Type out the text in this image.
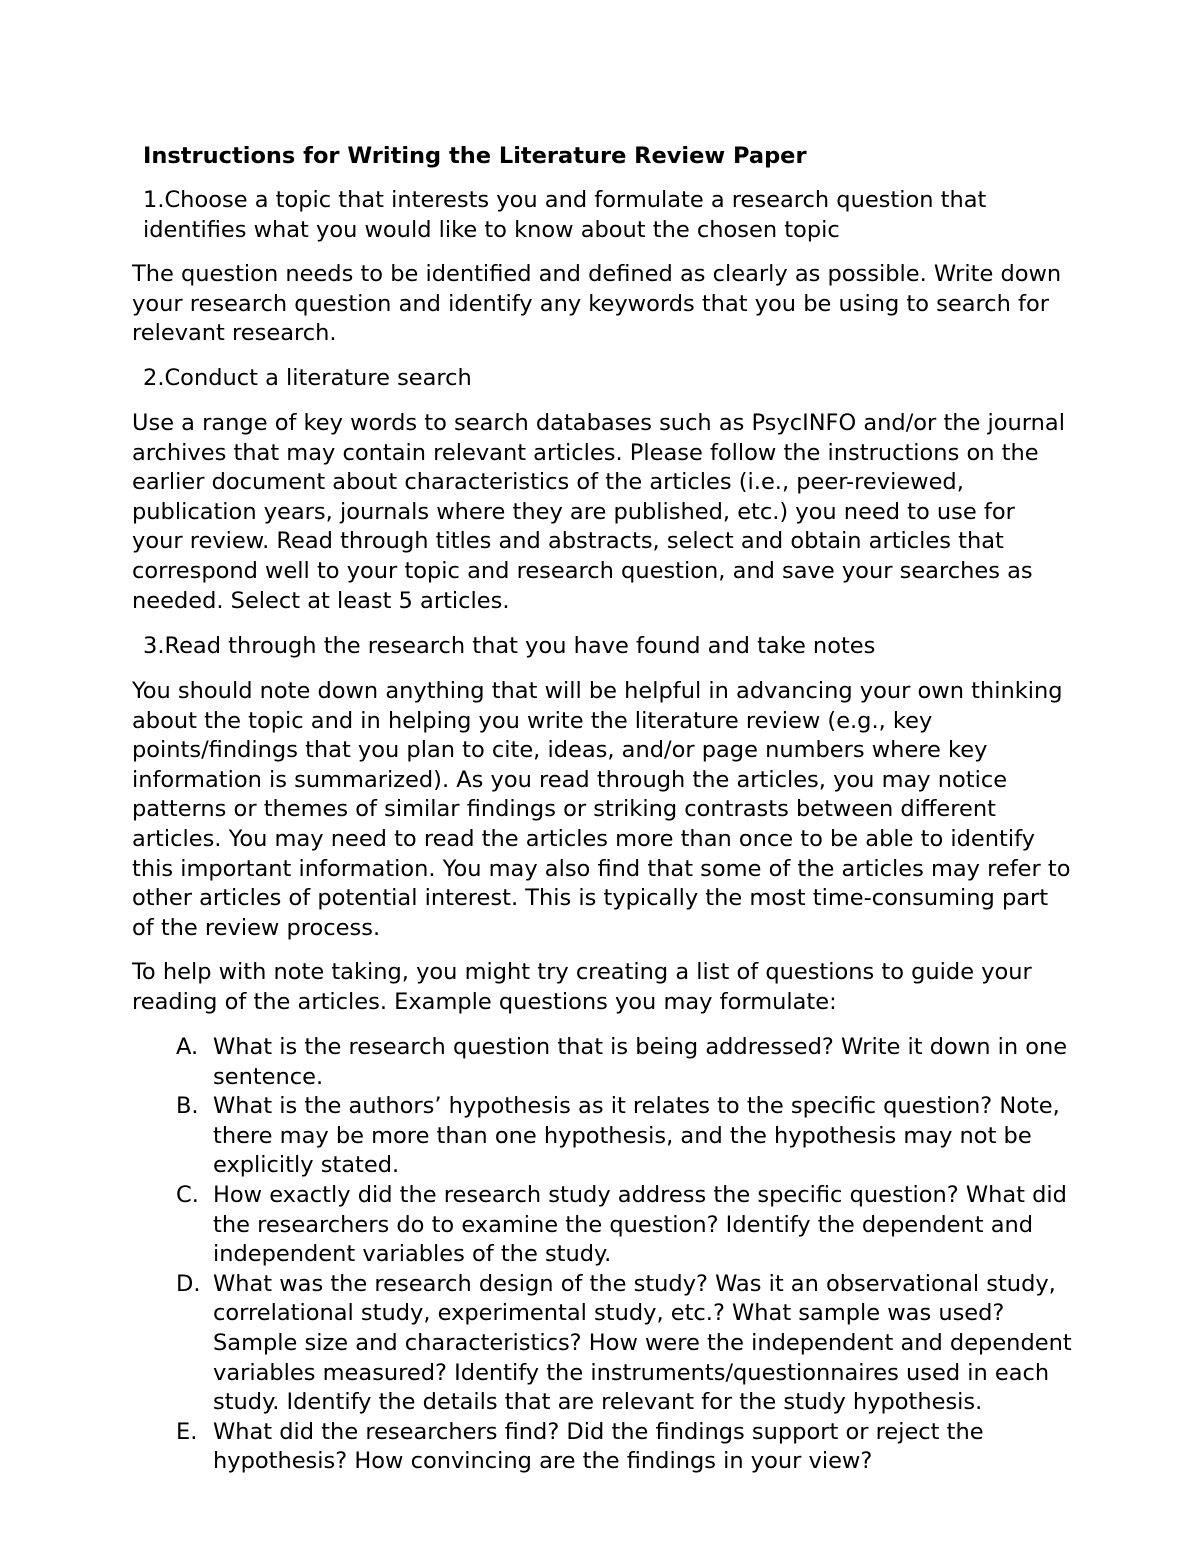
Instructions for Writing the Literature Review Paper

1.Choose a topic that interests you and formulate a research question that identifies what you would like to know about the chosen topic

The question needs to be identified and defined as clearly as possible. Write down your research question and identify any keywords that you be using to search for relevant research.

2.Conduct a literature search

Use a range of key words to search databases such as PsycINFO and/or the journal archives that may contain relevant articles. Please follow the instructions on the earlier document about characteristics of the articles (i.e., peer-reviewed, publication years, journals where they are published, etc.) you need to use for your review. Read through titles and abstracts, select and obtain articles that correspond well to your topic and research question, and save your searches as needed. Select at least 5 articles.

3.Read through the research that you have found and take notes

You should note down anything that will be helpful in advancing your own thinking about the topic and in helping you write the literature review (e.g., key points/findings that you plan to cite, ideas, and/or page numbers where key information is summarized). As you read through the articles, you may notice patterns or themes of similar findings or striking contrasts between different articles. You may need to read the articles more than once to be able to identify this important information. You may also find that some of the articles may refer to other articles of potential interest. This is typically the most time-consuming part of the review process.

To help with note taking, you might try creating a list of questions to guide your reading of the articles. Example questions you may formulate:

A. What is the research question that is being addressed? Write it down in one sentence.
B. What is the authors’ hypothesis as it relates to the specific question? Note, there may be more than one hypothesis, and the hypothesis may not be explicitly stated.
C. How exactly did the research study address the specific question? What did the researchers do to examine the question? Identify the dependent and independent variables of the study.
D. What was the research design of the study? Was it an observational study, correlational study, experimental study, etc.? What sample was used? Sample size and characteristics? How were the independent and dependent variables measured? Identify the instruments/questionnaires used in each study. Identify the details that are relevant for the study hypothesis.
E. What did the researchers find? Did the findings support or reject the hypothesis? How convincing are the findings in your view?
